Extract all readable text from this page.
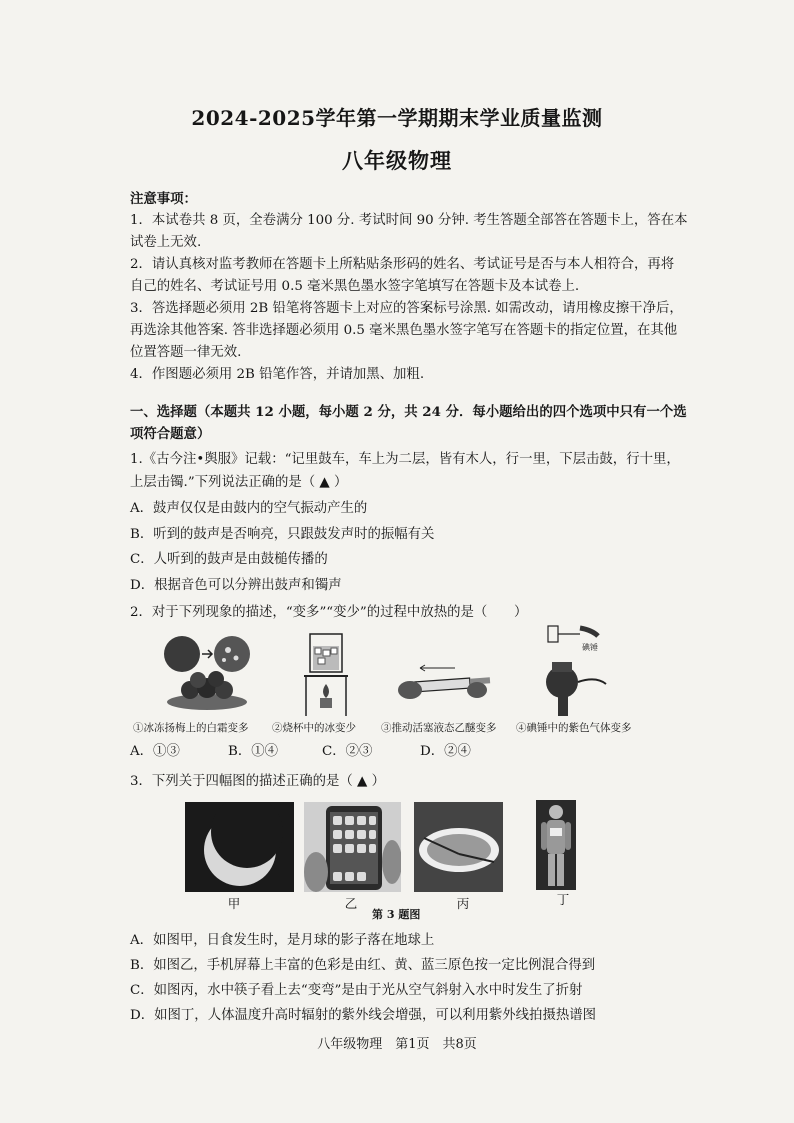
2024-2025学年第一学期期末学业质量监测
八年级物理
注意事项：
1．本试卷共 8 页，全卷满分 100 分. 考试时间 90 分钟. 考生答题全部答在答题卡上，答在本
试卷上无效.
2．请认真核对监考教师在答题卡上所粘贴条形码的姓名、考试证号是否与本人相符合，再将
自己的姓名、考试证号用 0.5 毫米黑色墨水签字笔填写在答题卡及本试卷上.
3．答选择题必须用 2B 铅笔将答题卡上对应的答案标号涂黑. 如需改动，请用橡皮擦干净后，
再选涂其他答案. 答非选择题必须用 0.5 毫米黑色墨水签字笔写在答题卡的指定位置，在其他
位置答题一律无效.
4．作图题必须用 2B 铅笔作答，并请加黑、加粗.
一、选择题（本题共 12 小题，每小题 2 分，共 24 分．每小题给出的四个选项中只有一个选
项符合题意）
1.《古今注•舆服》记载：“记里鼓车，车上为二层，皆有木人，行一里，下层击鼓，行十里，
上层击镯.”下列说法正确的是（ ▲ ）
A．鼓声仅仅是由鼓内的空气振动产生的
B．听到的鼓声是否响亮，只跟鼓发声时的振幅有关
C．人听到的鼓声是由鼓槌传播的
D．根据音色可以分辨出鼓声和镯声
2．对于下列现象的描述，“变多”“变少”的过程中放热的是（　　）
碘锤
①冰冻扬梅上的白霜变多 ②烧杯中的冰变少 ③推动活塞液态乙醚变多 ④碘锤中的紫色气体变多
A．①③	B．①④	C．②③	D．②④
3．下列关于四幅图的描述正确的是（ ▲ ）
甲	乙	丙	丁
第 3 题图
A．如图甲，日食发生时，是月球的影子落在地球上
B．如图乙，手机屏幕上丰富的色彩是由红、黄、蓝三原色按一定比例混合得到
C．如图丙，水中筷子看上去“变弯”是由于光从空气斜射入水中时发生了折射
D．如图丁，人体温度升高时辐射的紫外线会增强，可以利用紫外线拍摄热谱图
八年级物理　第1页　共8页
